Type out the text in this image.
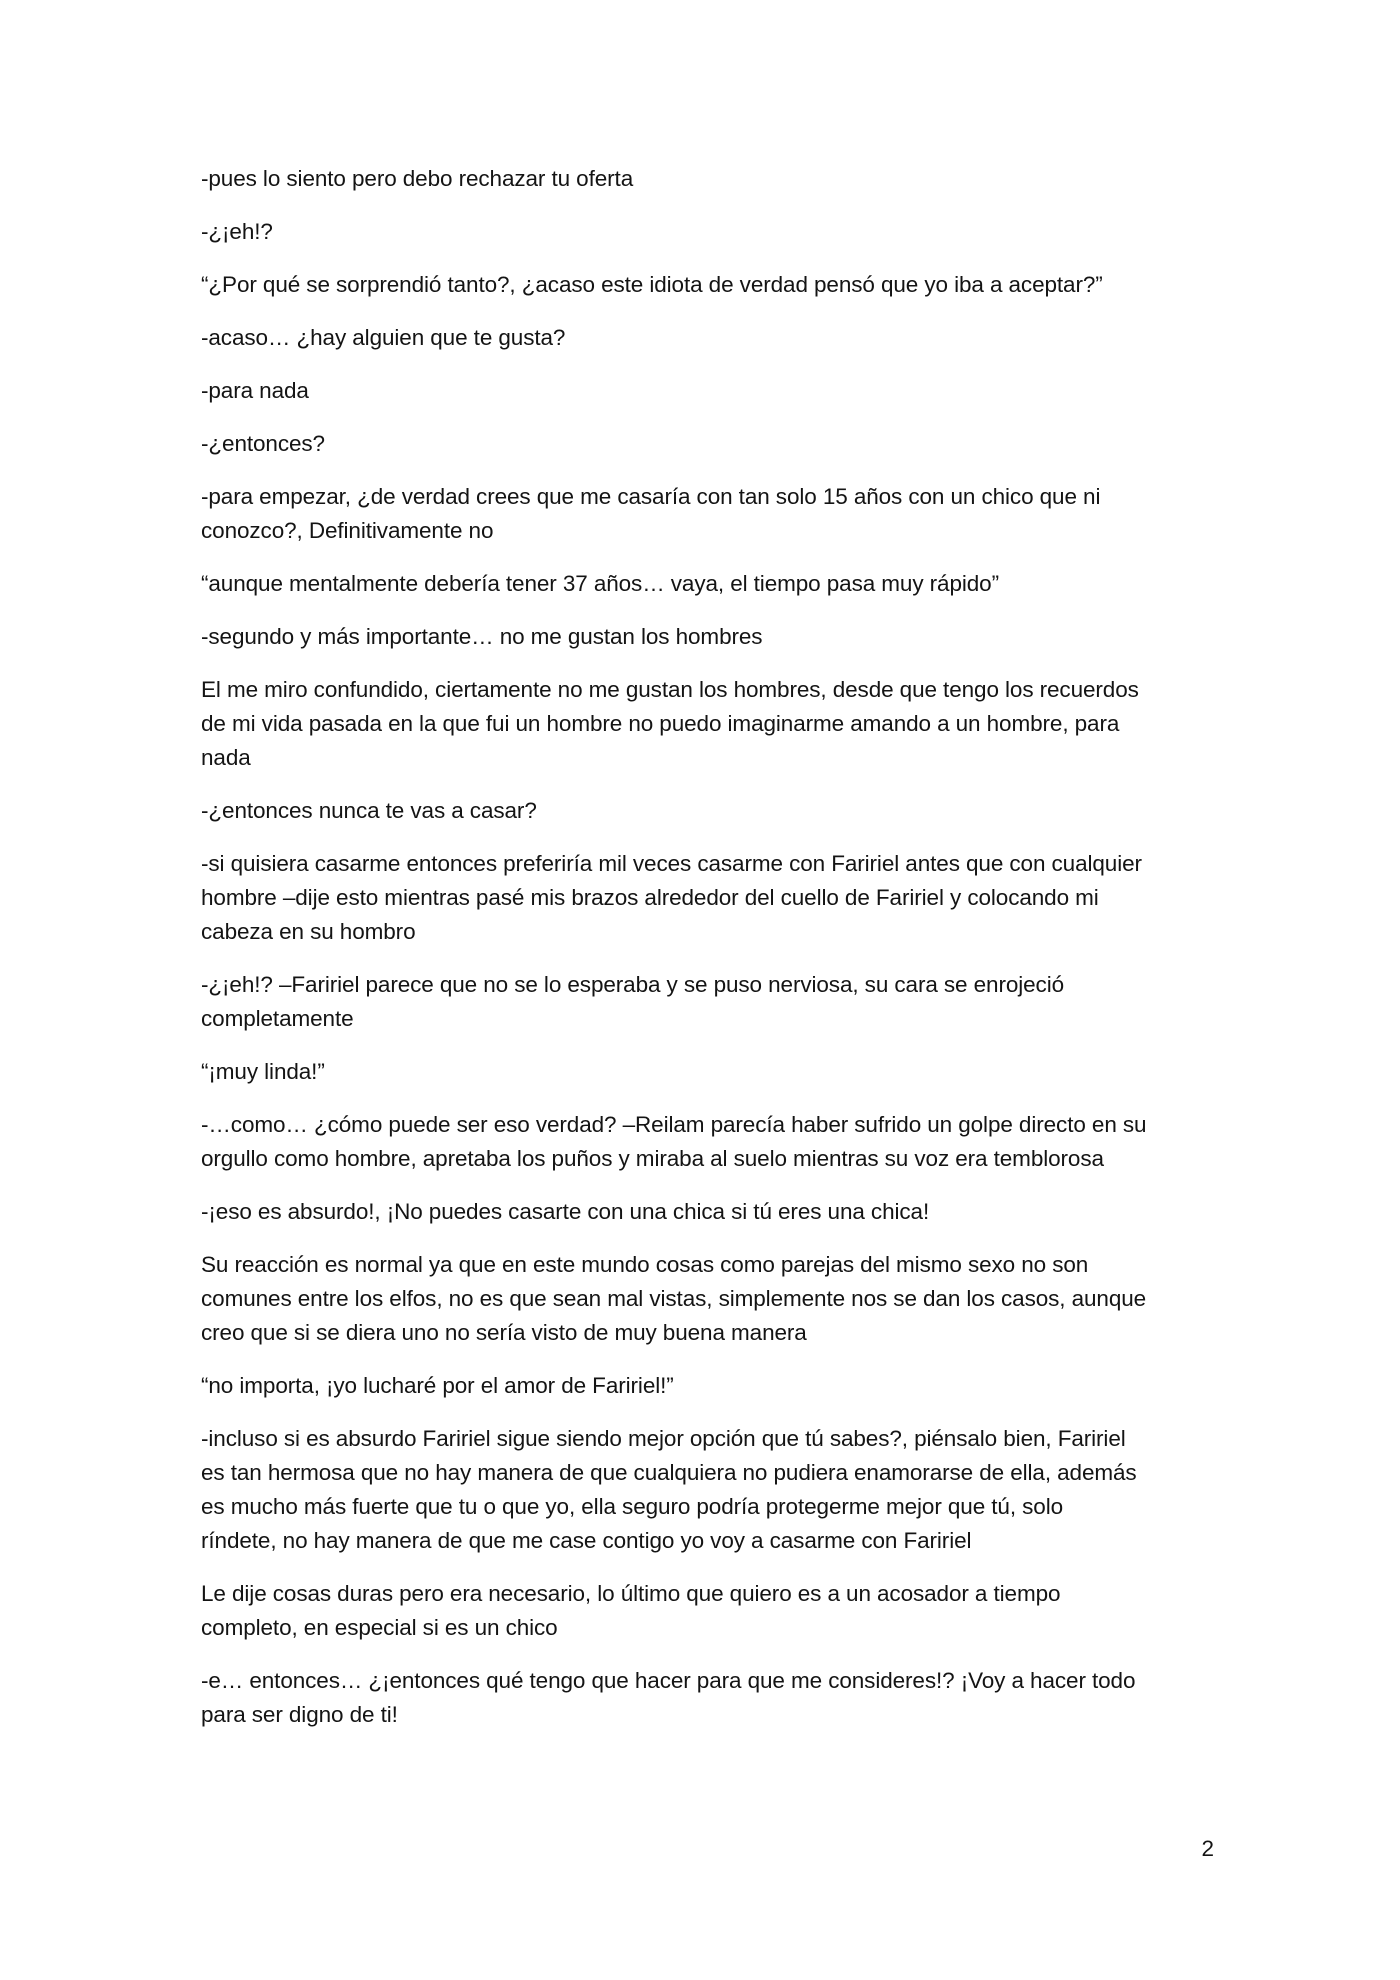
-pues lo siento pero debo rechazar tu oferta

-¿¡eh!?

“¿Por qué se sorprendió tanto?, ¿acaso este idiota de verdad pensó que yo iba a aceptar?”

-acaso… ¿hay alguien que te gusta?

-para nada

-¿entonces?

-para empezar, ¿de verdad crees que me casaría con tan solo 15 años con un chico que ni
conozco?, Definitivamente no

“aunque mentalmente debería tener 37 años… vaya, el tiempo pasa muy rápido”

-segundo y más importante… no me gustan los hombres

El me miro confundido, ciertamente no me gustan los hombres, desde que tengo los recuerdos
de mi vida pasada en la que fui un hombre no puedo imaginarme amando a un hombre, para
nada

-¿entonces nunca te vas a casar?

-si quisiera casarme entonces preferiría mil veces casarme con Faririel antes que con cualquier
hombre –dije esto mientras pasé mis brazos alrededor del cuello de Faririel y colocando mi
cabeza en su hombro

-¿¡eh!? –Faririel parece que no se lo esperaba y se puso nerviosa, su cara se enrojeció
completamente

“¡muy linda!”

-…como… ¿cómo puede ser eso verdad? –Reilam parecía haber sufrido un golpe directo en su
orgullo como hombre, apretaba los puños y miraba al suelo mientras su voz era temblorosa

-¡eso es absurdo!, ¡No puedes casarte con una chica si tú eres una chica!

Su reacción es normal ya que en este mundo cosas como parejas del mismo sexo no son
comunes entre los elfos, no es que sean mal vistas, simplemente nos se dan los casos, aunque
creo que si se diera uno no sería visto de muy buena manera

“no importa, ¡yo lucharé por el amor de Faririel!”

-incluso si es absurdo Faririel sigue siendo mejor opción que tú sabes?, piénsalo bien, Faririel
es tan hermosa que no hay manera de que cualquiera no pudiera enamorarse de ella, además
es mucho más fuerte que tu o que yo, ella seguro podría protegerme mejor que tú, solo
ríndete, no hay manera de que me case contigo yo voy a casarme con Faririel

Le dije cosas duras pero era necesario, lo último que quiero es a un acosador a tiempo
completo, en especial si es un chico

-e… entonces… ¿¡entonces qué tengo que hacer para que me consideres!? ¡Voy a hacer todo
para ser digno de ti!

2
